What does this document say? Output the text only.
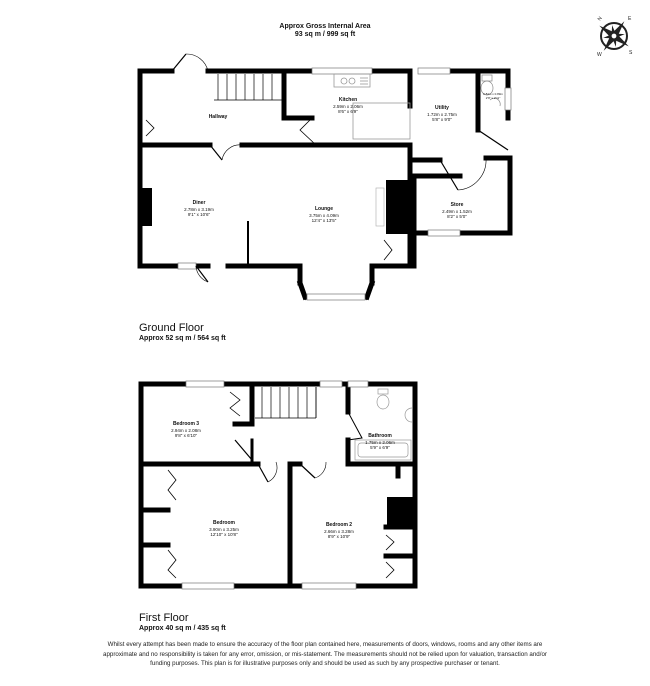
Approx Gross Internal Area
93 sq m / 999 sq ft
N	E
S
W
Hallway
Kitchen
2.59m x 2.06m
8'6" x 6'9"
Utility
1.72m x 2.75m
5'8" x 9'0"
0.84m x 0.89m
2'9" x 2'11"
Diner
2.78m x 3.19m
9'1" x 10'6"
Lounge
3.75m x 4.09m
12'4" x 13'5"
Store
2.49m x 1.52m
8'2" x 5'0"
Ground Floor
Approx 52 sq m / 564 sq ft
Bedroom 3
2.94m x 2.08m
9'8" x 6'10"	Bathroom
1.75m x 2.06m
5'9" x 6'9"
Bedroom
3.90m x 3.25m
12'10" x 10'8"
Bedroom 2
2.66m x 3.28m
8'9" x 10'9"
First Floor
Approx 40 sq m / 435 sq ft
Whilst every attempt has been made to ensure the accuracy of the floor plan contained here, measurements of doors, windows, rooms and any other items are approximate and no responsibility is taken for any error, omission, or mis-statement. The measurements should not be relied upon for valuation, transaction and/or funding purposes. This plan is for illustrative purposes only and should be used as such by any prospective purchaser or tenant.
